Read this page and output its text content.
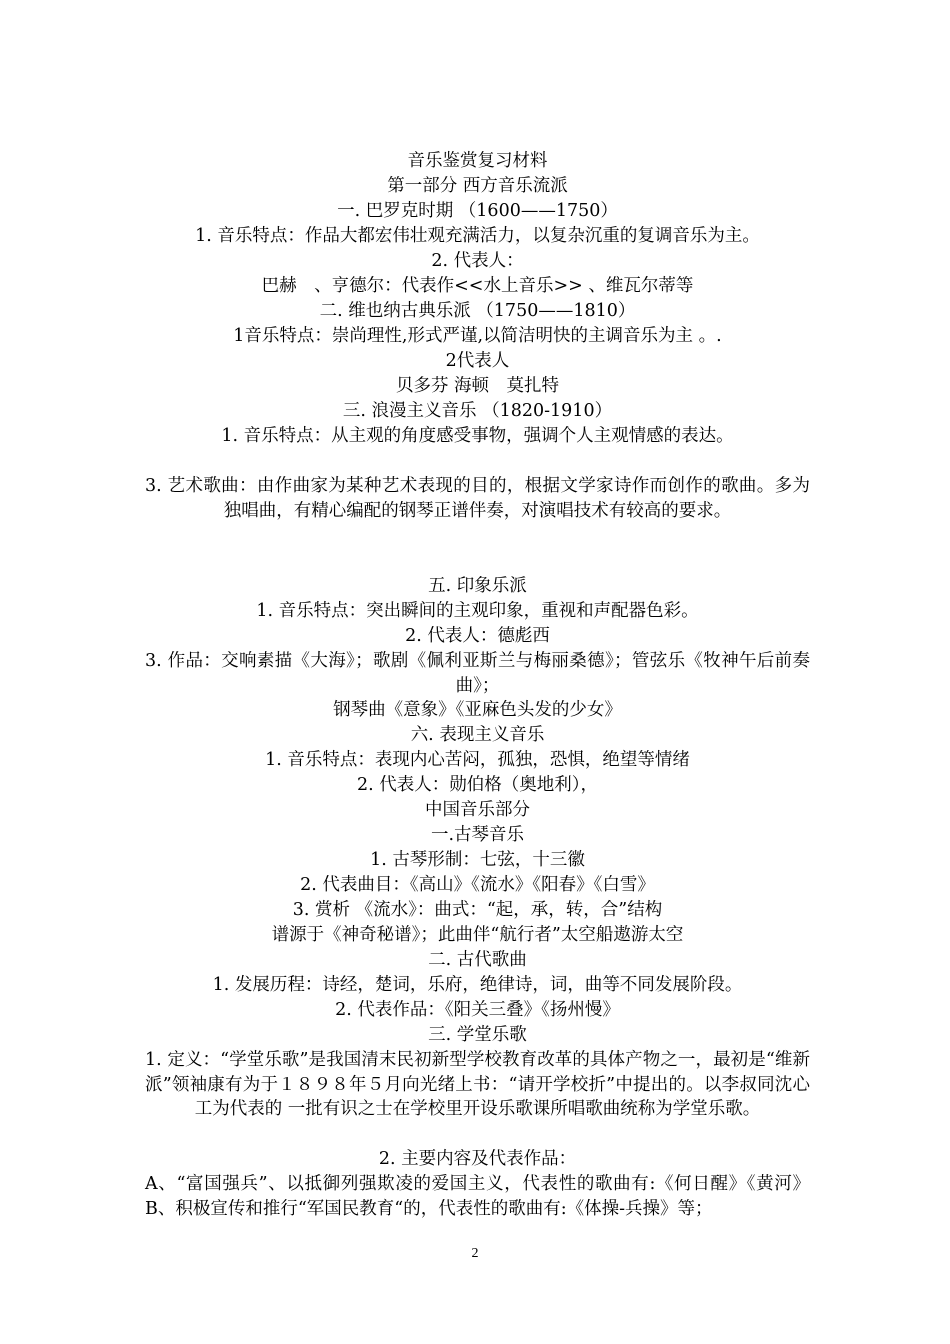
音乐鉴赏复习材料
第一部分 西方音乐流派
一. 巴罗克时期 （1600——1750）
1. 音乐特点：作品大都宏伟壮观充满活力，以复杂沉重的复调音乐为主。
2. 代表人：
巴赫　、亨德尔：代表作<<水上音乐>> 、维瓦尔蒂等
二. 维也纳古典乐派 （1750——1810）
1音乐特点：崇尚理性,形式严谨,以简洁明快的主调音乐为主 。.
2代表人
贝多芬 海顿　莫扎特
三. 浪漫主义音乐 （1820-1910）
1. 音乐特点：从主观的角度感受事物，强调个人主观情感的表达。
3. 艺术歌曲：由作曲家为某种艺术表现的目的，根据文学家诗作而创作的歌曲。多为独唱曲，有精心编配的钢琴正谱伴奏，对演唱技术有较高的要求。
五. 印象乐派
1. 音乐特点：突出瞬间的主观印象，重视和声配器色彩。
2. 代表人：德彪西
3. 作品：交响素描《大海》；歌剧《佩利亚斯兰与梅丽桑德》；管弦乐《牧神午后前奏曲》；
钢琴曲《意象》《亚麻色头发的少女》
六. 表现主义音乐
1. 音乐特点：表现内心苦闷，孤独，恐惧，绝望等情绪
2. 代表人：勋伯格（奥地利），
中国音乐部分
一.古琴音乐
1. 古琴形制：七弦，十三徽
2. 代表曲目：《高山》《流水》《阳春》《白雪》
3. 赏析 《流水》：曲式：“起，承，转，合”结构
谱源于《神奇秘谱》；此曲伴“航行者”太空船遨游太空
二. 古代歌曲
1. 发展历程：诗经，楚词，乐府，绝律诗，词，曲等不同发展阶段。
2. 代表作品：《阳关三叠》《扬州慢》
三. 学堂乐歌
1. 定义：“学堂乐歌”是我国清末民初新型学校教育改革的具体产物之一，最初是“维新派”领袖康有为于１８９８年５月向光绪上书：“请开学校折”中提出的。以李叔同沈心工为代表的 一批有识之士在学校里开设乐歌课所唱歌曲统称为学堂乐歌。
2. 主要内容及代表作品：
A、“富国强兵”、以抵御列强欺凌的爱国主义，代表性的歌曲有:《何日醒》《黄河》B、积极宣传和推行“军国民教育“的，代表性的歌曲有:《体操-兵操》等；
2
